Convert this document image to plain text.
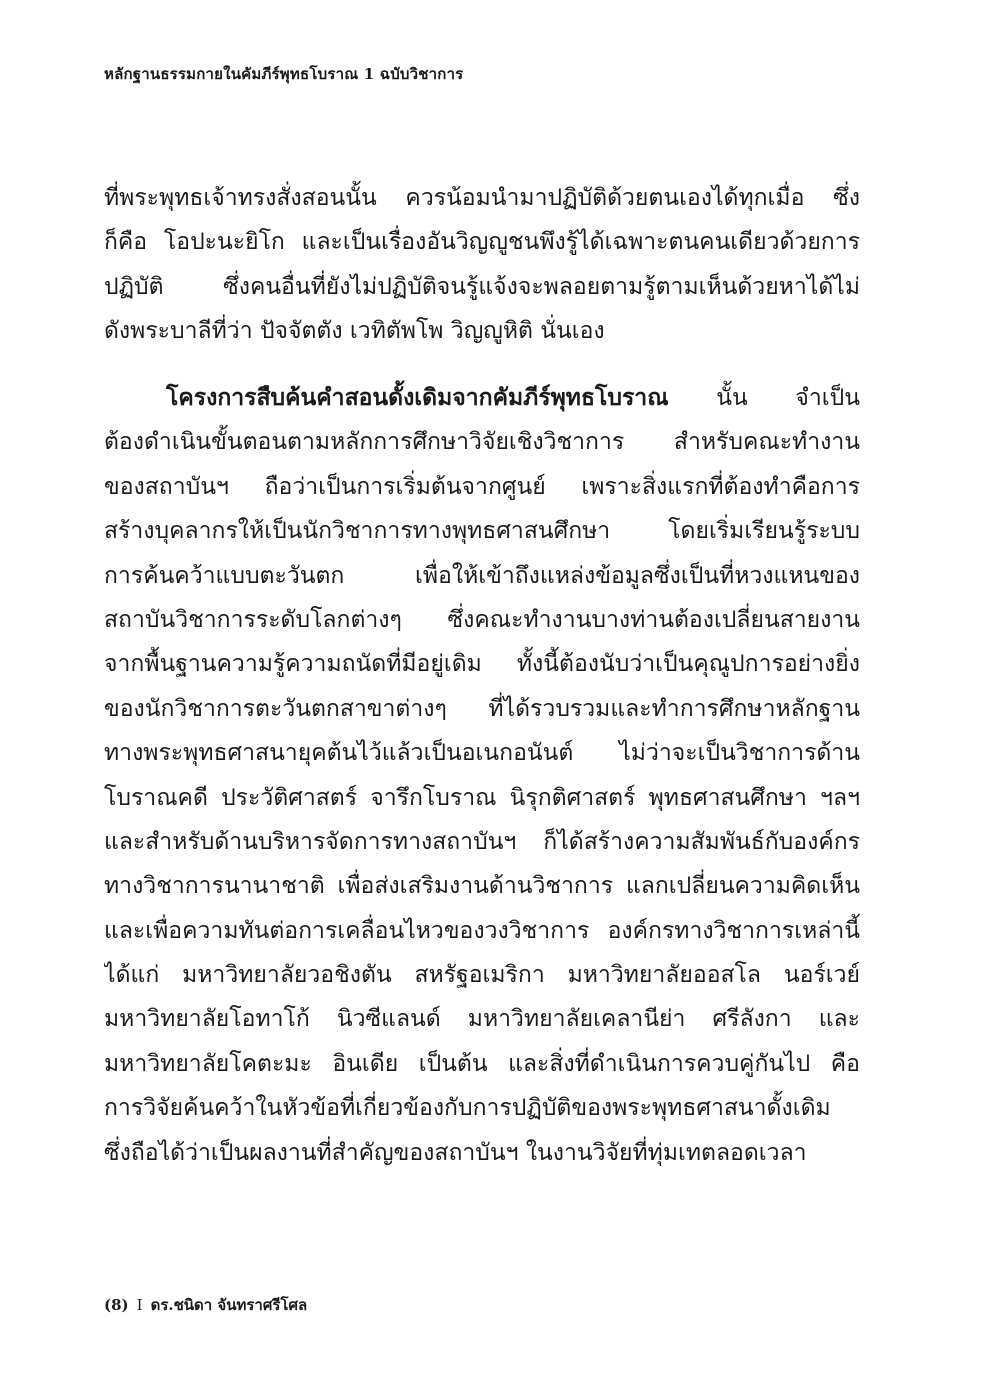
หลักฐานธรรมกายในคัมภีร์พุทธโบราณ 1 ฉบับวิชาการ
ที่พระพุทธเจ้าทรงสั่งสอนนั้น ควรน้อมนำมาปฏิบัติด้วยตนเองได้ทุกเมื่อ ซึ่ง
ก็คือ โอปะนะยิโก และเป็นเรื่องอันวิญญูชนพึงรู้ได้เฉพาะตนคนเดียวด้วยการ
ปฏิบัติ ซึ่งคนอื่นที่ยังไม่ปฏิบัติจนรู้แจ้งจะพลอยตามรู้ตามเห็นด้วยหาได้ไม่
ดังพระบาลีที่ว่า ปัจจัตตัง เวทิตัพโพ วิญญูหิติ นั่นเอง
โครงการสืบค้นคำสอนดั้งเดิมจากคัมภีร์พุทธโบราณ นั้น จำเป็น
ต้องดำเนินขั้นตอนตามหลักการศึกษาวิจัยเชิงวิชาการ สำหรับคณะทำงาน
ของสถาบันฯ ถือว่าเป็นการเริ่มต้นจากศูนย์ เพราะสิ่งแรกที่ต้องทำคือการ
สร้างบุคลากรให้เป็นนักวิชาการทางพุทธศาสนศึกษา โดยเริ่มเรียนรู้ระบบ
การค้นคว้าแบบตะวันตก เพื่อให้เข้าถึงแหล่งข้อมูลซึ่งเป็นที่หวงแหนของ
สถาบันวิชาการระดับโลกต่างๆ ซึ่งคณะทำงานบางท่านต้องเปลี่ยนสายงาน
จากพื้นฐานความรู้ความถนัดที่มีอยู่เดิม ทั้งนี้ต้องนับว่าเป็นคุณูปการอย่างยิ่ง
ของนักวิชาการตะวันตกสาขาต่างๆ ที่ได้รวบรวมและทำการศึกษาหลักฐาน
ทางพระพุทธศาสนายุคต้นไว้แล้วเป็นอเนกอนันต์ ไม่ว่าจะเป็นวิชาการด้าน
โบราณคดี ประวัติศาสตร์ จารึกโบราณ นิรุกติศาสตร์ พุทธศาสนศึกษา ฯลฯ
และสำหรับด้านบริหารจัดการทางสถาบันฯ ก็ได้สร้างความสัมพันธ์กับองค์กร
ทางวิชาการนานาชาติ เพื่อส่งเสริมงานด้านวิชาการ แลกเปลี่ยนความคิดเห็น
และเพื่อความทันต่อการเคลื่อนไหวของวงวิชาการ องค์กรทางวิชาการเหล่านี้
ได้แก่ มหาวิทยาลัยวอชิงตัน สหรัฐอเมริกา มหาวิทยาลัยออสโล นอร์เวย์
มหาวิทยาลัยโอทาโก้ นิวซีแลนด์ มหาวิทยาลัยเคลานีย่า ศรีลังกา และ
มหาวิทยาลัยโคตะมะ อินเดีย เป็นต้น และสิ่งที่ดำเนินการควบคู่กันไป คือ
การวิจัยค้นคว้าในหัวข้อที่เกี่ยวข้องกับการปฏิบัติของพระพุทธศาสนาดั้งเดิม
ซึ่งถือได้ว่าเป็นผลงานที่สำคัญของสถาบันฯ ในงานวิจัยที่ทุ่มเทตลอดเวลา
(8) I ดร.ชนิดา จันทราศรีโศล
